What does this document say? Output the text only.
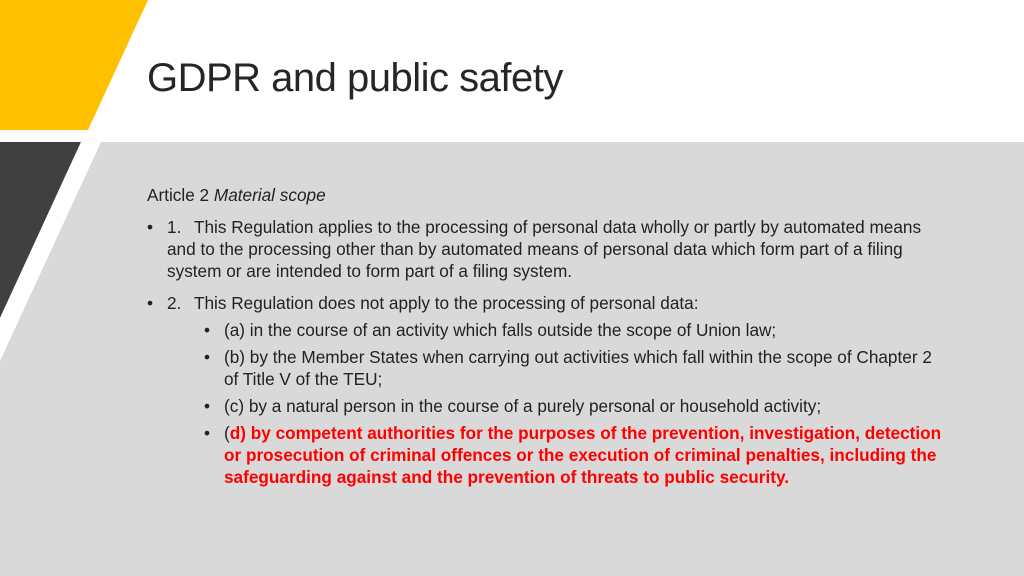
GDPR and public safety

Article 2 Material scope

• 1. This Regulation applies to the processing of personal data wholly or partly by automated means and to the processing other than by automated means of personal data which form part of a filing system or are intended to form part of a filing system.
• 2. This Regulation does not apply to the processing of personal data:
• (a) in the course of an activity which falls outside the scope of Union law;
• (b) by the Member States when carrying out activities which fall within the scope of Chapter 2 of Title V of the TEU;
• (c) by a natural person in the course of a purely personal or household activity;
• (d) by competent authorities for the purposes of the prevention, investigation, detection or prosecution of criminal offences or the execution of criminal penalties, including the safeguarding against and the prevention of threats to public security.
